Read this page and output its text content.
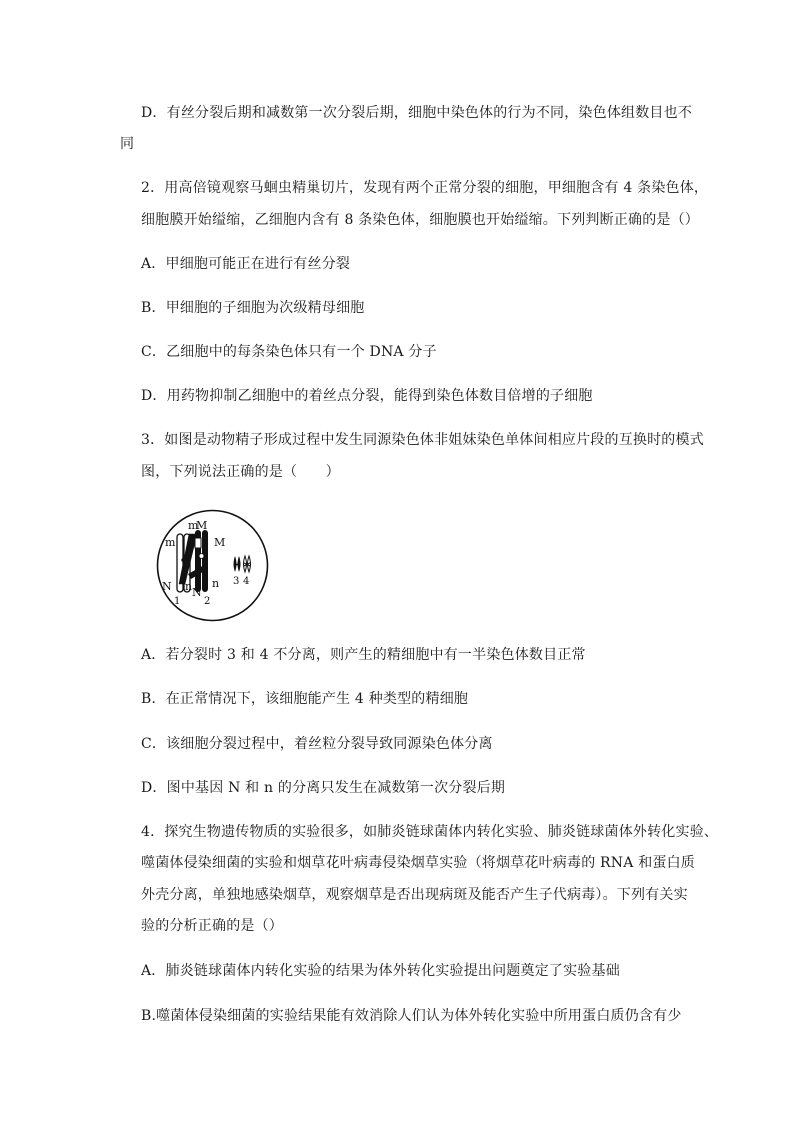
D．有丝分裂后期和减数第一次分裂后期，细胞中染色体的行为不同，染色体组数目也不
同
2．用高倍镜观察马蛔虫精巢切片，发现有两个正常分裂的细胞，甲细胞含有 4 条染色体，
细胞膜开始缢缩，乙细胞内含有 8 条染色体，细胞膜也开始缢缩。下列判断正确的是（）
A．甲细胞可能正在进行有丝分裂
B．甲细胞的子细胞为次级精母细胞
C．乙细胞中的每条染色体只有一个 DNA 分子
D．用药物抑制乙细胞中的着丝点分裂，能得到染色体数目倍增的子细胞
3．如图是动物精子形成过程中发生同源染色体非姐妹染色单体间相应片段的互换时的模式
图，下列说法正确的是（　　）
A．若分裂时 3 和 4 不分离，则产生的精细胞中有一半染色体数目正常
B．在正常情况下，该细胞能产生 4 种类型的精细胞
C．该细胞分裂过程中，着丝粒分裂导致同源染色体分离
D．图中基因 N 和 n 的分离只发生在减数第一次分裂后期
4．探究生物遗传物质的实验很多，如肺炎链球菌体内转化实验、肺炎链球菌体外转化实验、
噬菌体侵染细菌的实验和烟草花叶病毒侵染烟草实验（将烟草花叶病毒的 RNA 和蛋白质
外壳分离，单独地感染烟草，观察烟草是否出现病斑及能否产生子代病毒）。下列有关实
验的分析正确的是（）
A．肺炎链球菌体内转化实验的结果为体外转化实验提出问题奠定了实验基础
B.噬菌体侵染细菌的实验结果能有效消除人们认为体外转化实验中所用蛋白质仍含有少
m
m
M
M
N n N
n
1 2
3 4
